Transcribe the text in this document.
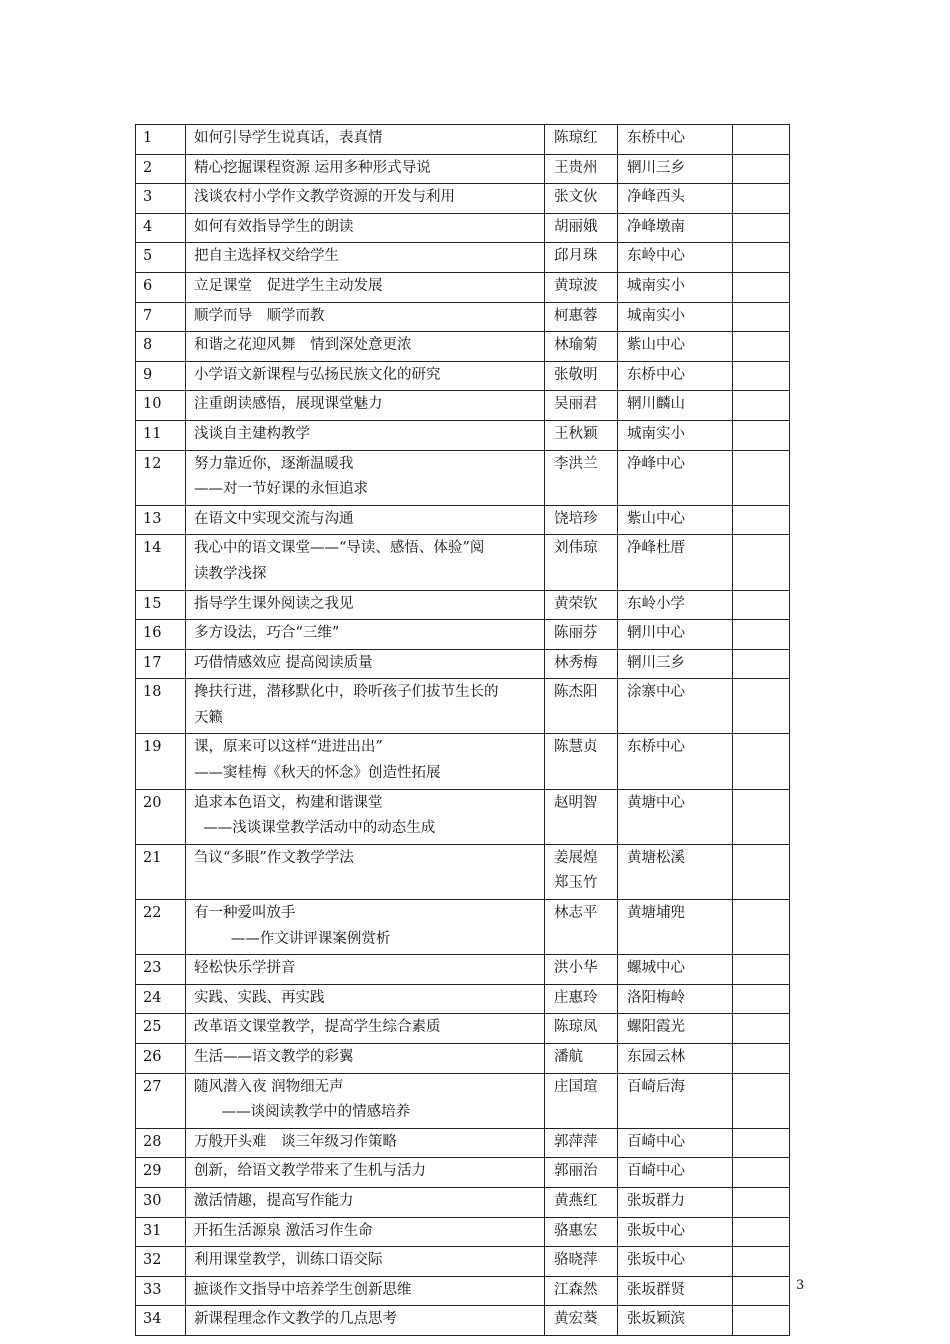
1	如何引导学生说真话，表真情	陈琼红	东桥中心	
2	精心挖掘课程资源 运用多种形式导说	王贵州	辋川三乡	
3	浅谈农村小学作文教学资源的开发与利用	张文伙	净峰西头	
4	如何有效指导学生的朗读	胡丽娥	净峰墩南	
5	把自主选择权交给学生	邱月珠	东岭中心	
6	立足课堂　促进学生主动发展	黄琼波	城南实小	
7	顺学而导　顺学而教	柯惠蓉	城南实小	
8	和谐之花迎风舞　情到深处意更浓	林瑜菊	紫山中心	
9	小学语文新课程与弘扬民族文化的研究	张敬明	东桥中心	
10	注重朗读感悟，展现课堂魅力	吴丽君	辋川麟山	
11	浅谈自主建构教学	王秋颖	城南实小	
12	努力靠近你，逐渐温暖我
——对一节好课的永恒追求	李洪兰	净峰中心	
13	在语文中实现交流与沟通	饶培珍	紫山中心	
14	我心中的语文课堂——“导读、感悟、体验”阅
读教学浅探	刘伟琼	净峰杜厝	
15	指导学生课外阅读之我见	黄荣钦	东岭小学	
16	多方设法，巧合“三维”	陈丽芬	辋川中心	
17	巧借情感效应 提高阅读质量	林秀梅	辋川三乡	
18	搀扶行进，潜移默化中，聆听孩子们拔节生长的
天籁	陈杰阳	涂寨中心	
19	课，原来可以这样“进进出出”
——窦桂梅《秋天的怀念》创造性拓展	陈慧贞	东桥中心	
20	追求本色语文，构建和谐课堂
——浅谈课堂教学活动中的动态生成	赵明智	黄塘中心	
21	刍议“多眼”作文教学学法	姜展煌
郑玉竹	黄塘松溪	
22	有一种爱叫放手
——作文讲评课案例赏析	林志平	黄塘埔兜	
23	轻松快乐学拼音	洪小华	螺城中心	
24	实践、实践、再实践	庄惠玲	洛阳梅岭	
25	改革语文课堂教学，提高学生综合素质	陈琼凤	螺阳霞光	
26	生活——语文教学的彩翼	潘航	东园云林	
27	随风潜入夜 润物细无声
——谈阅读教学中的情感培养	庄国瑄	百崎后海	
28	万般开头难　谈三年级习作策略	郭萍萍	百崎中心	
29	创新，给语文教学带来了生机与活力	郭丽治	百崎中心	
30	激活情趣，提高写作能力	黄燕红	张坂群力	
31	开拓生活源泉 激活习作生命	骆惠宏	张坂中心	
32	利用课堂教学，训练口语交际	骆晓萍	张坂中心	
33	摭谈作文指导中培养学生创新思维	江森然	张坂群贤	
34	新课程理念作文教学的几点思考	黄宏葵	张坂颖滨	
3
